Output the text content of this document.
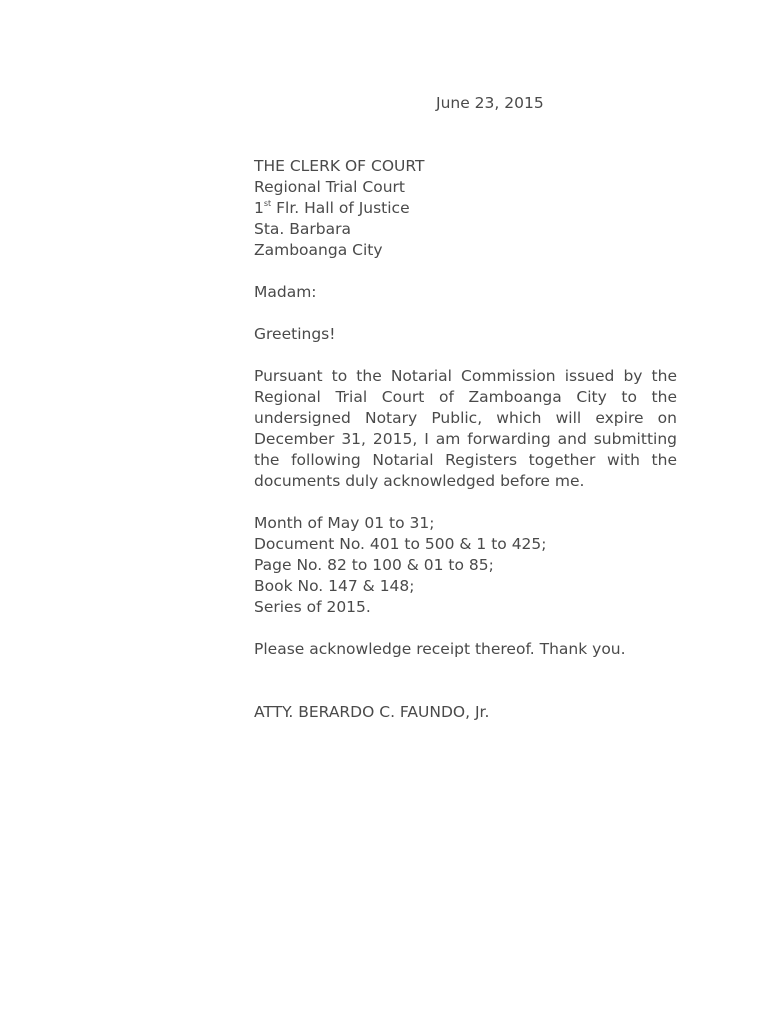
June 23, 2015
THE CLERK OF COURT
Regional Trial Court
1st Flr. Hall of Justice
Sta. Barbara
Zamboanga City
Madam:
Greetings!
Pursuant to the Notarial Commission issued by the Regional Trial Court of Zamboanga City to the undersigned Notary Public, which will expire on December 31, 2015, I am forwarding and submitting the following Notarial Registers together with the documents duly acknowledged before me.
Month of May 01 to 31;
Document No. 401 to 500 & 1 to 425;
Page No. 82 to 100 & 01 to 85;
Book No. 147 & 148;
Series of 2015.
Please acknowledge receipt thereof. Thank you.
ATTY. BERARDO C. FAUNDO, Jr.
